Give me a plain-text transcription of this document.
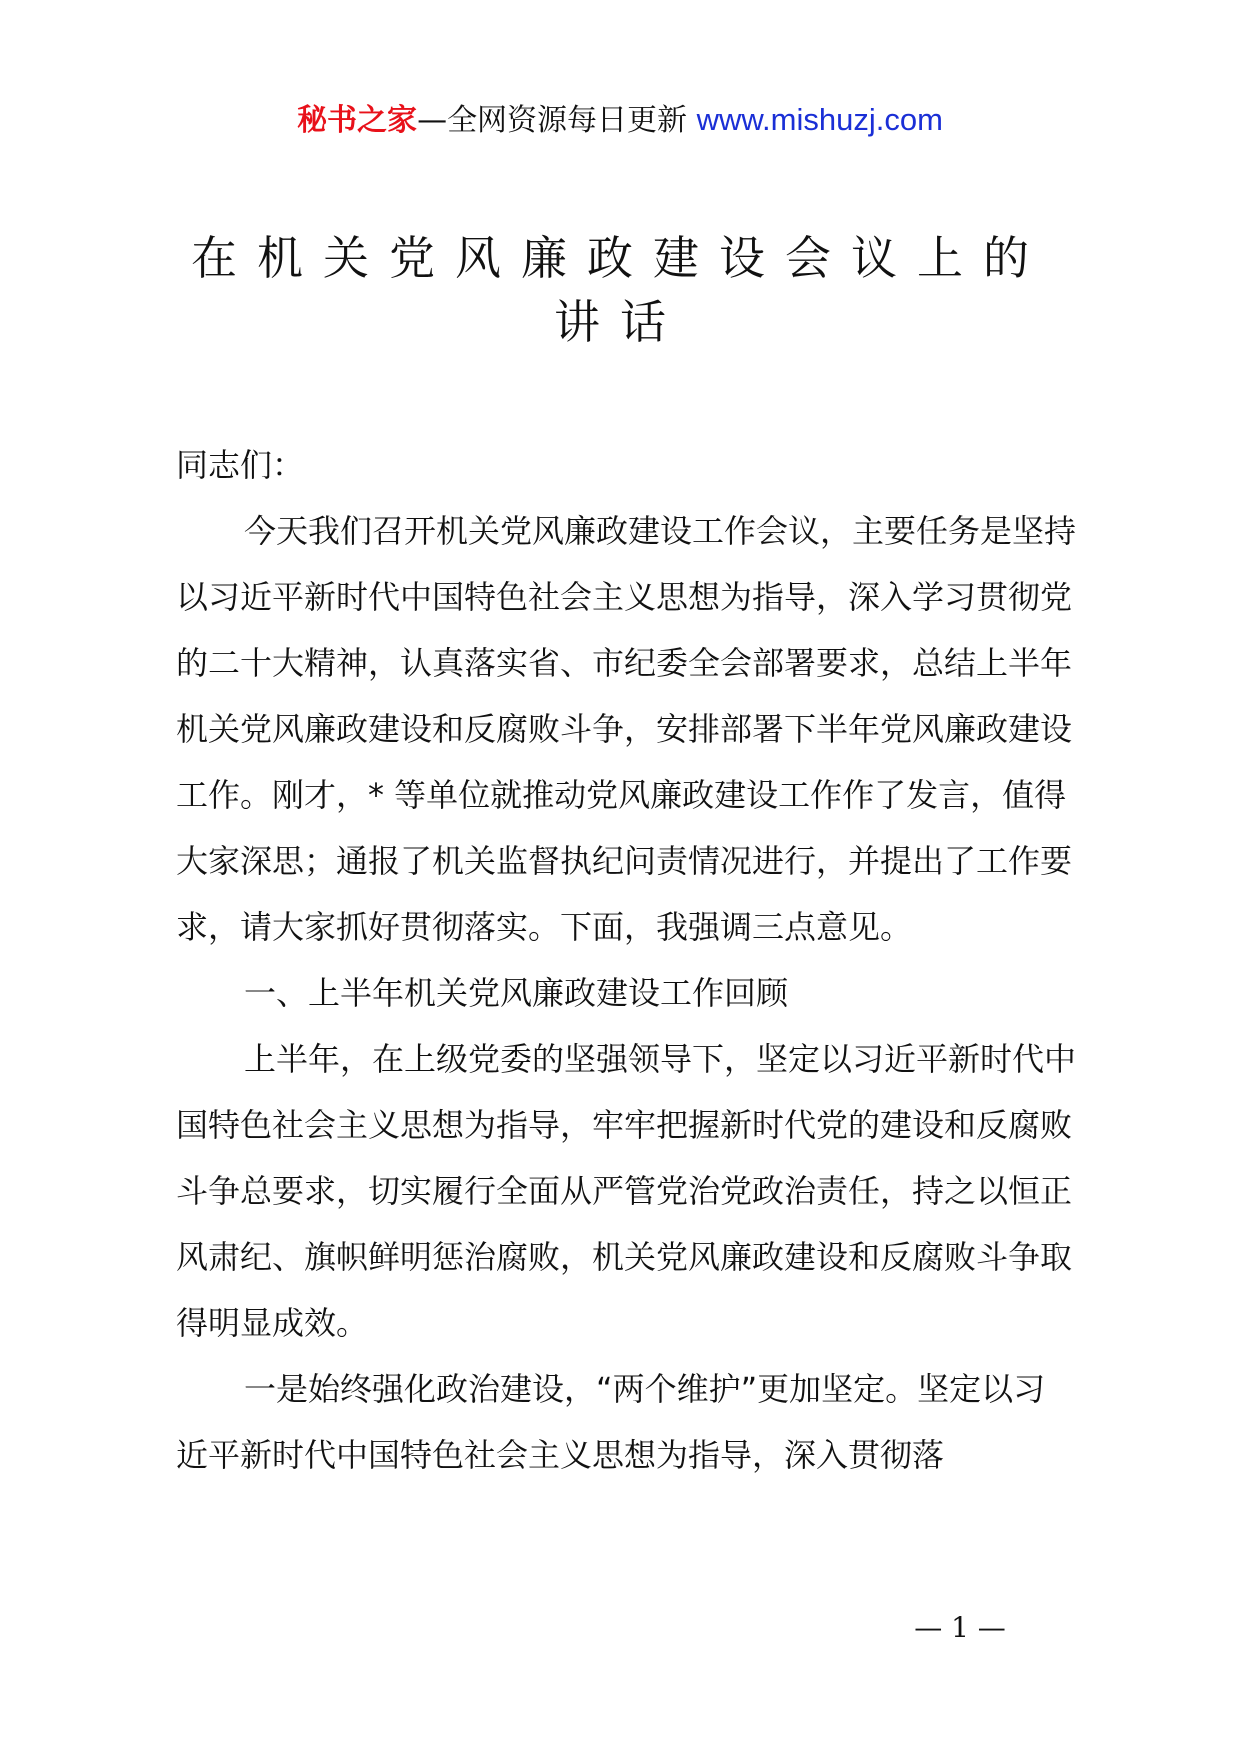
秘书之家—全网资源每日更新 www.mishuzj.com
在机关党风廉政建设会议上的
讲话

同志们：

今天我们召开机关党风廉政建设工作会议，主要任务是坚持以习近平新时代中国特色社会主义思想为指导，深入学习贯彻党的二十大精神，认真落实省、市纪委全会部署要求，总结上半年机关党风廉政建设和反腐败斗争，安排部署下半年党风廉政建设工作。刚才，* 等单位就推动党风廉政建设工作作了发言，值得大家深思；通报了机关监督执纪问责情况进行，并提出了工作要求，请大家抓好贯彻落实。下面，我强调三点意见。

一、上半年机关党风廉政建设工作回顾

上半年，在上级党委的坚强领导下，坚定以习近平新时代中国特色社会主义思想为指导，牢牢把握新时代党的建设和反腐败斗争总要求，切实履行全面从严管党治党政治责任，持之以恒正风肃纪、旗帜鲜明惩治腐败，机关党风廉政建设和反腐败斗争取得明显成效。

一是始终强化政治建设，“两个维护”更加坚定。坚定以习近平新时代中国特色社会主义思想为指导，深入贯彻落

— 1 —
